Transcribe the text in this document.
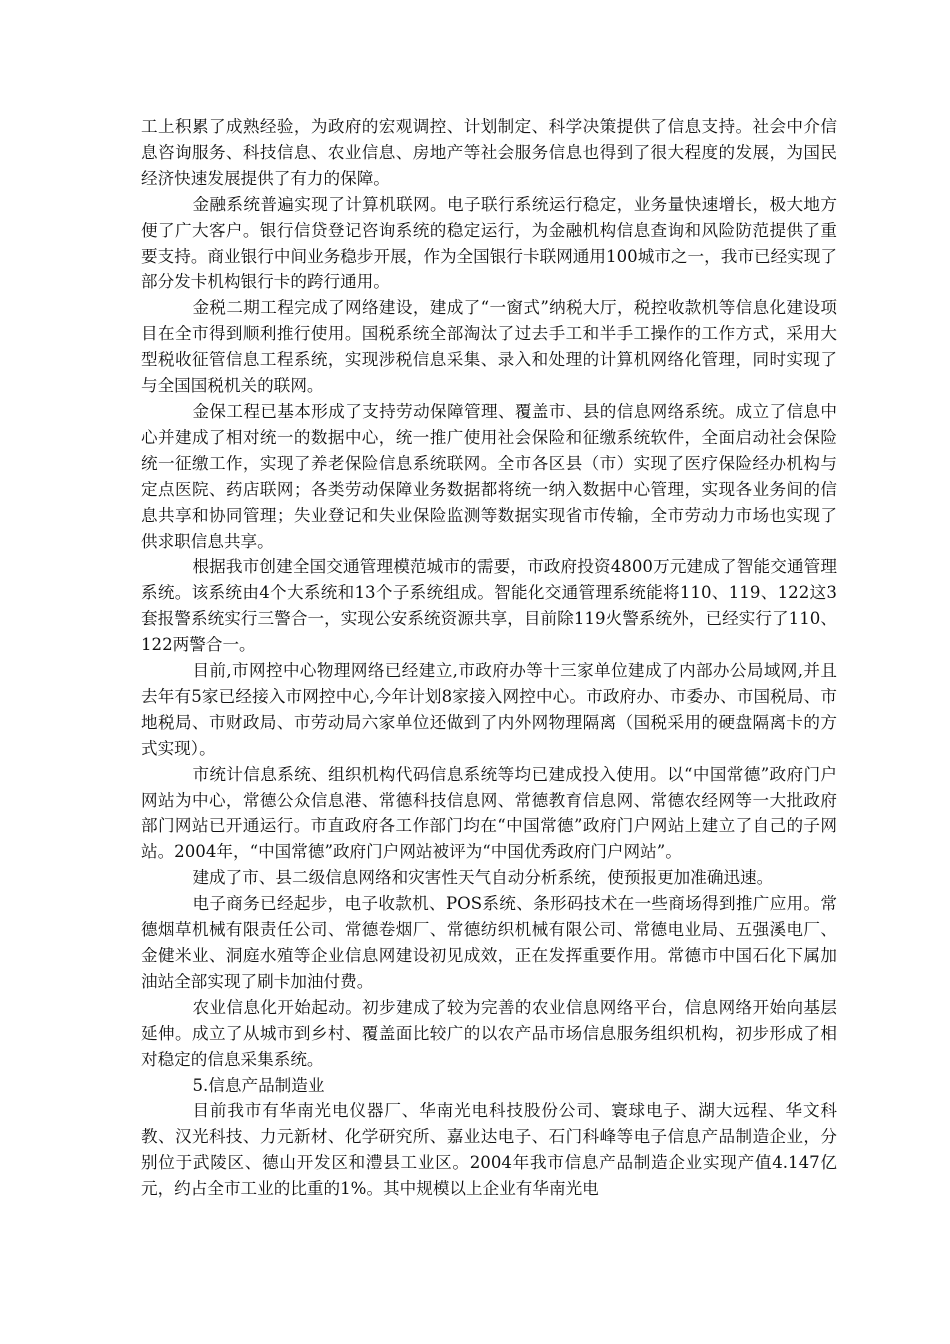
工上积累了成熟经验，为政府的宏观调控、计划制定、科学决策提供了信息支持。社会中介信息咨询服务、科技信息、农业信息、房地产等社会服务信息也得到了很大程度的发展，为国民经济快速发展提供了有力的保障。

金融系统普遍实现了计算机联网。电子联行系统运行稳定，业务量快速增长，极大地方便了广大客户。银行信贷登记咨询系统的稳定运行，为金融机构信息查询和风险防范提供了重要支持。商业银行中间业务稳步开展，作为全国银行卡联网通用100城市之一，我市已经实现了部分发卡机构银行卡的跨行通用。

金税二期工程完成了网络建设，建成了“一窗式”纳税大厅，税控收款机等信息化建设项目在全市得到顺利推行使用。国税系统全部淘汰了过去手工和半手工操作的工作方式，采用大型税收征管信息工程系统，实现涉税信息采集、录入和处理的计算机网络化管理，同时实现了与全国国税机关的联网。

金保工程已基本形成了支持劳动保障管理、覆盖市、县的信息网络系统。成立了信息中心并建成了相对统一的数据中心，统一推广使用社会保险和征缴系统软件，全面启动社会保险统一征缴工作，实现了养老保险信息系统联网。全市各区县（市）实现了医疗保险经办机构与定点医院、药店联网；各类劳动保障业务数据都将统一纳入数据中心管理，实现各业务间的信息共享和协同管理；失业登记和失业保险监测等数据实现省市传输，全市劳动力市场也实现了供求职信息共享。

根据我市创建全国交通管理模范城市的需要，市政府投资4800万元建成了智能交通管理系统。该系统由4个大系统和13个子系统组成。智能化交通管理系统能将110、119、122这3套报警系统实行三警合一，实现公安系统资源共享，目前除119火警系统外，已经实行了110、122两警合一。

目前,市网控中心物理网络已经建立,市政府办等十三家单位建成了内部办公局域网,并且去年有5家已经接入市网控中心,今年计划8家接入网控中心。市政府办、市委办、市国税局、市地税局、市财政局、市劳动局六家单位还做到了内外网物理隔离（国税采用的硬盘隔离卡的方式实现）。

市统计信息系统、组织机构代码信息系统等均已建成投入使用。以“中国常德”政府门户网站为中心，常德公众信息港、常德科技信息网、常德教育信息网、常德农经网等一大批政府部门网站已开通运行。市直政府各工作部门均在“中国常德”政府门户网站上建立了自己的子网站。2004年，“中国常德”政府门户网站被评为“中国优秀政府门户网站”。

建成了市、县二级信息网络和灾害性天气自动分析系统，使预报更加准确迅速。

电子商务已经起步，电子收款机、POS系统、条形码技术在一些商场得到推广应用。常德烟草机械有限责任公司、常德卷烟厂、常德纺织机械有限公司、常德电业局、五强溪电厂、金健米业、洞庭水殖等企业信息网建设初见成效，正在发挥重要作用。常德市中国石化下属加油站全部实现了刷卡加油付费。

农业信息化开始起动。初步建成了较为完善的农业信息网络平台，信息网络开始向基层延伸。成立了从城市到乡村、覆盖面比较广的以农产品市场信息服务组织机构，初步形成了相对稳定的信息采集系统。

5.信息产品制造业

目前我市有华南光电仪器厂、华南光电科技股份公司、寰球电子、湖大远程、华文科教、汉光科技、力元新材、化学研究所、嘉业达电子、石门科峰等电子信息产品制造企业，分别位于武陵区、德山开发区和澧县工业区。2004年我市信息产品制造企业实现产值4.147亿元，约占全市工业的比重的1%。其中规模以上企业有华南光电
